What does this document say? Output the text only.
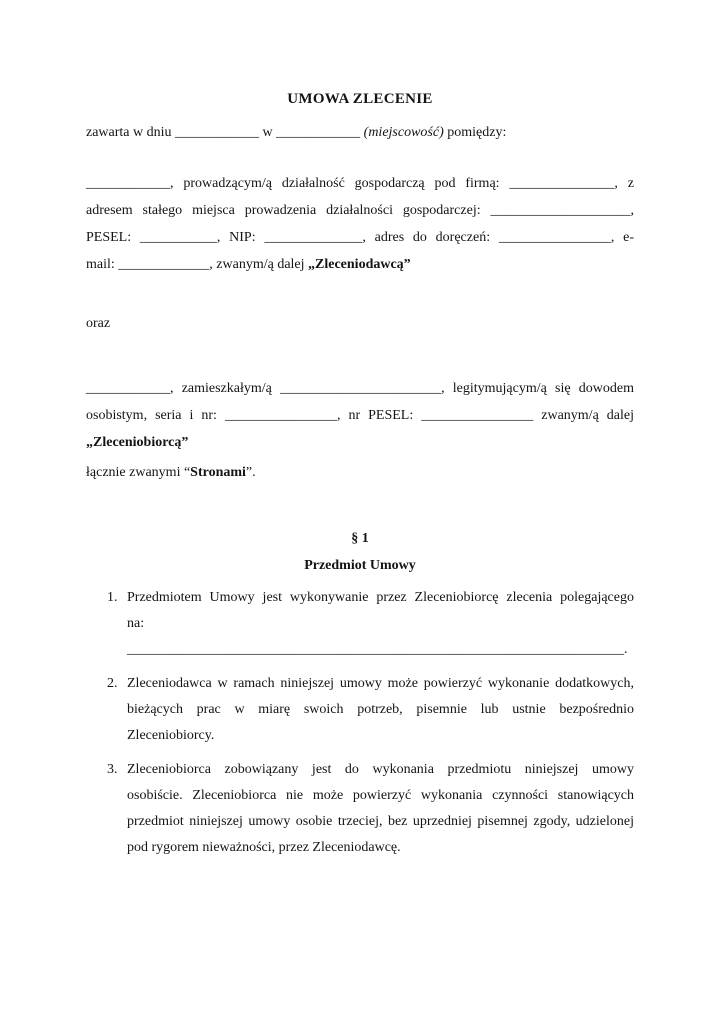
UMOWA ZLECENIE
zawarta w dniu ____________ w ____________ (miejscowość) pomiędzy:
____________, prowadzącym/ą działalność gospodarczą pod firmą: _______________, z
adresem stałego miejsca prowadzenia działalności gospodarczej: ____________________,
PESEL: ___________, NIP: ______________, adres do doręczeń: ________________, e-
mail: _____________, zwanym/ą dalej „Zleceniodawcą”
oraz
____________, zamieszkałym/ą _______________________, legitymującym/ą się dowodem
osobistym, seria i nr: ________________, nr PESEL: ________________ zwanym/ą dalej
„Zleceniobiorcą”
łącznie zwanymi “Stronami”.
§ 1
Przedmiot Umowy
1. Przedmiotem Umowy jest wykonywanie przez Zleceniobiorcę zlecenia polegającego
na:
_______________________________________________________________________.
2. Zleceniodawca w ramach niniejszej umowy może powierzyć wykonanie dodatkowych,
bieżących prac w miarę swoich potrzeb, pisemnie lub ustnie bezpośrednio
Zleceniobiorcy.
3. Zleceniobiorca zobowiązany jest do wykonania przedmiotu niniejszej umowy
osobiście. Zleceniobiorca nie może powierzyć wykonania czynności stanowiących
przedmiot niniejszej umowy osobie trzeciej, bez uprzedniej pisemnej zgody, udzielonej
pod rygorem nieważności, przez Zleceniodawcę.
